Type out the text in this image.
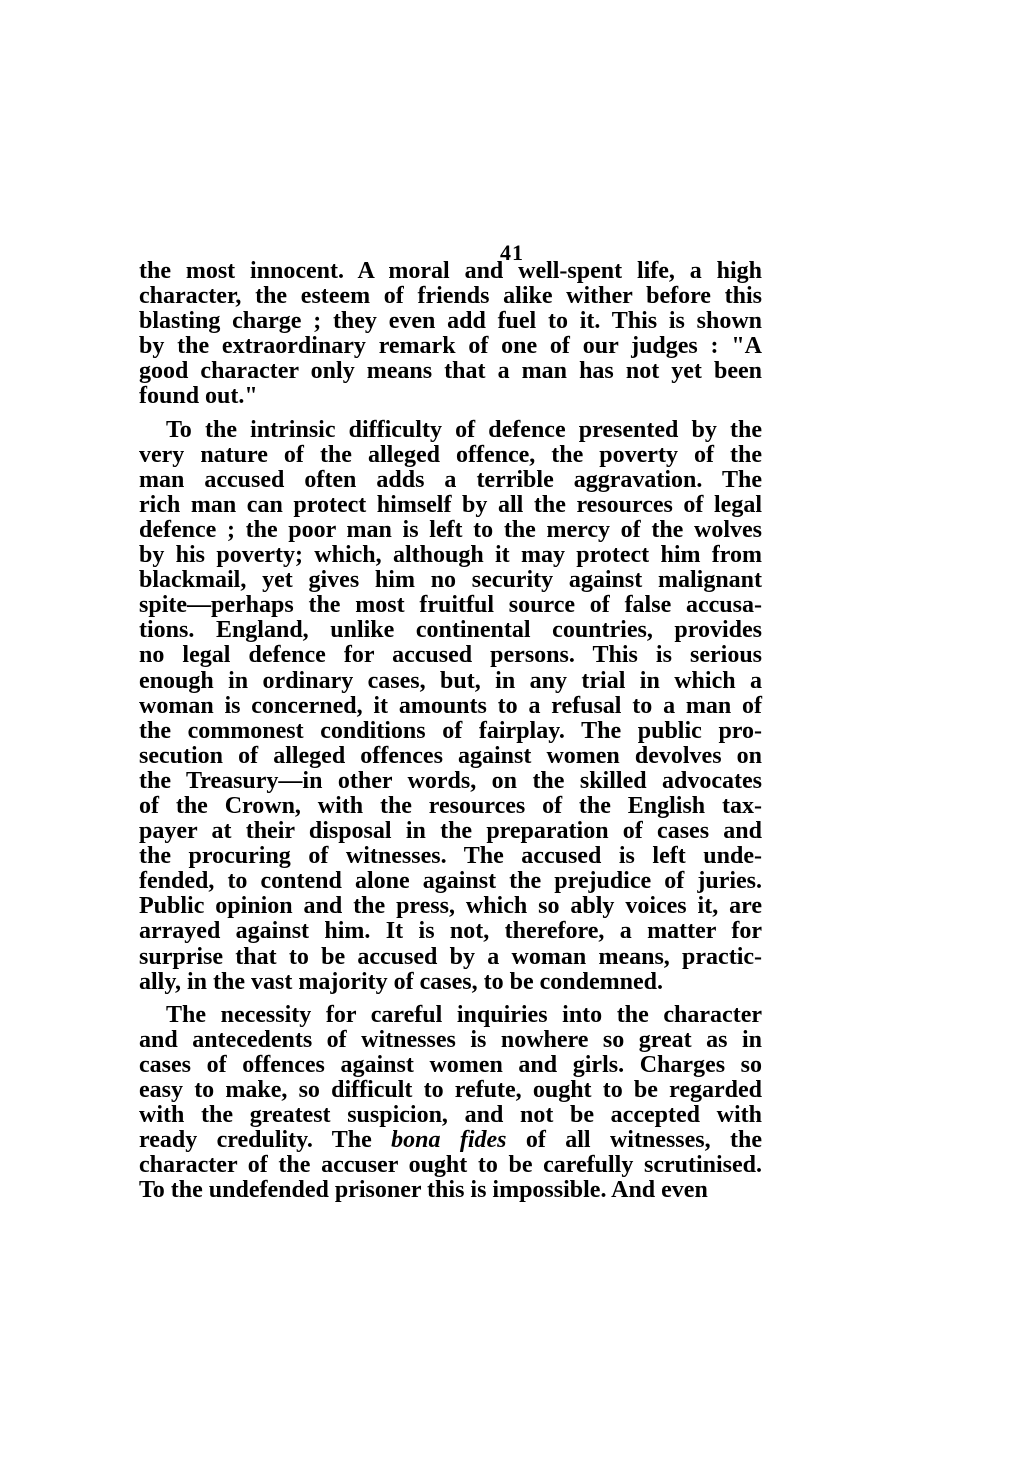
41
the most innocent. A moral and well-spent life, a high
character, the esteem of friends alike wither before this
blasting charge ; they even add fuel to it. This is shown
by the extraordinary remark of one of our judges : "A
good character only means that a man has not yet been
found out."
To the intrinsic difficulty of defence presented by the
very nature of the alleged offence, the poverty of the
man accused often adds a terrible aggravation. The
rich man can protect himself by all the resources of legal
defence ; the poor man is left to the mercy of the wolves
by his poverty; which, although it may protect him from
blackmail, yet gives him no security against malignant
spite—perhaps the most fruitful source of false accusa-
tions. England, unlike continental countries, provides
no legal defence for accused persons. This is serious
enough in ordinary cases, but, in any trial in which a
woman is concerned, it amounts to a refusal to a man of
the commonest conditions of fairplay. The public pro-
secution of alleged offences against women devolves on
the Treasury—in other words, on the skilled advocates
of the Crown, with the resources of the English tax-
payer at their disposal in the preparation of cases and
the procuring of witnesses. The accused is left unde-
fended, to contend alone against the prejudice of juries.
Public opinion and the press, which so ably voices it, are
arrayed against him. It is not, therefore, a matter for
surprise that to be accused by a woman means, practic-
ally, in the vast majority of cases, to be condemned.
The necessity for careful inquiries into the character
and antecedents of witnesses is nowhere so great as in
cases of offences against women and girls. Charges so
easy to make, so difficult to refute, ought to be regarded
with the greatest suspicion, and not be accepted with
ready credulity. The bona fides of all witnesses, the
character of the accuser ought to be carefully scrutinised.
To the undefended prisoner this is impossible. And even
